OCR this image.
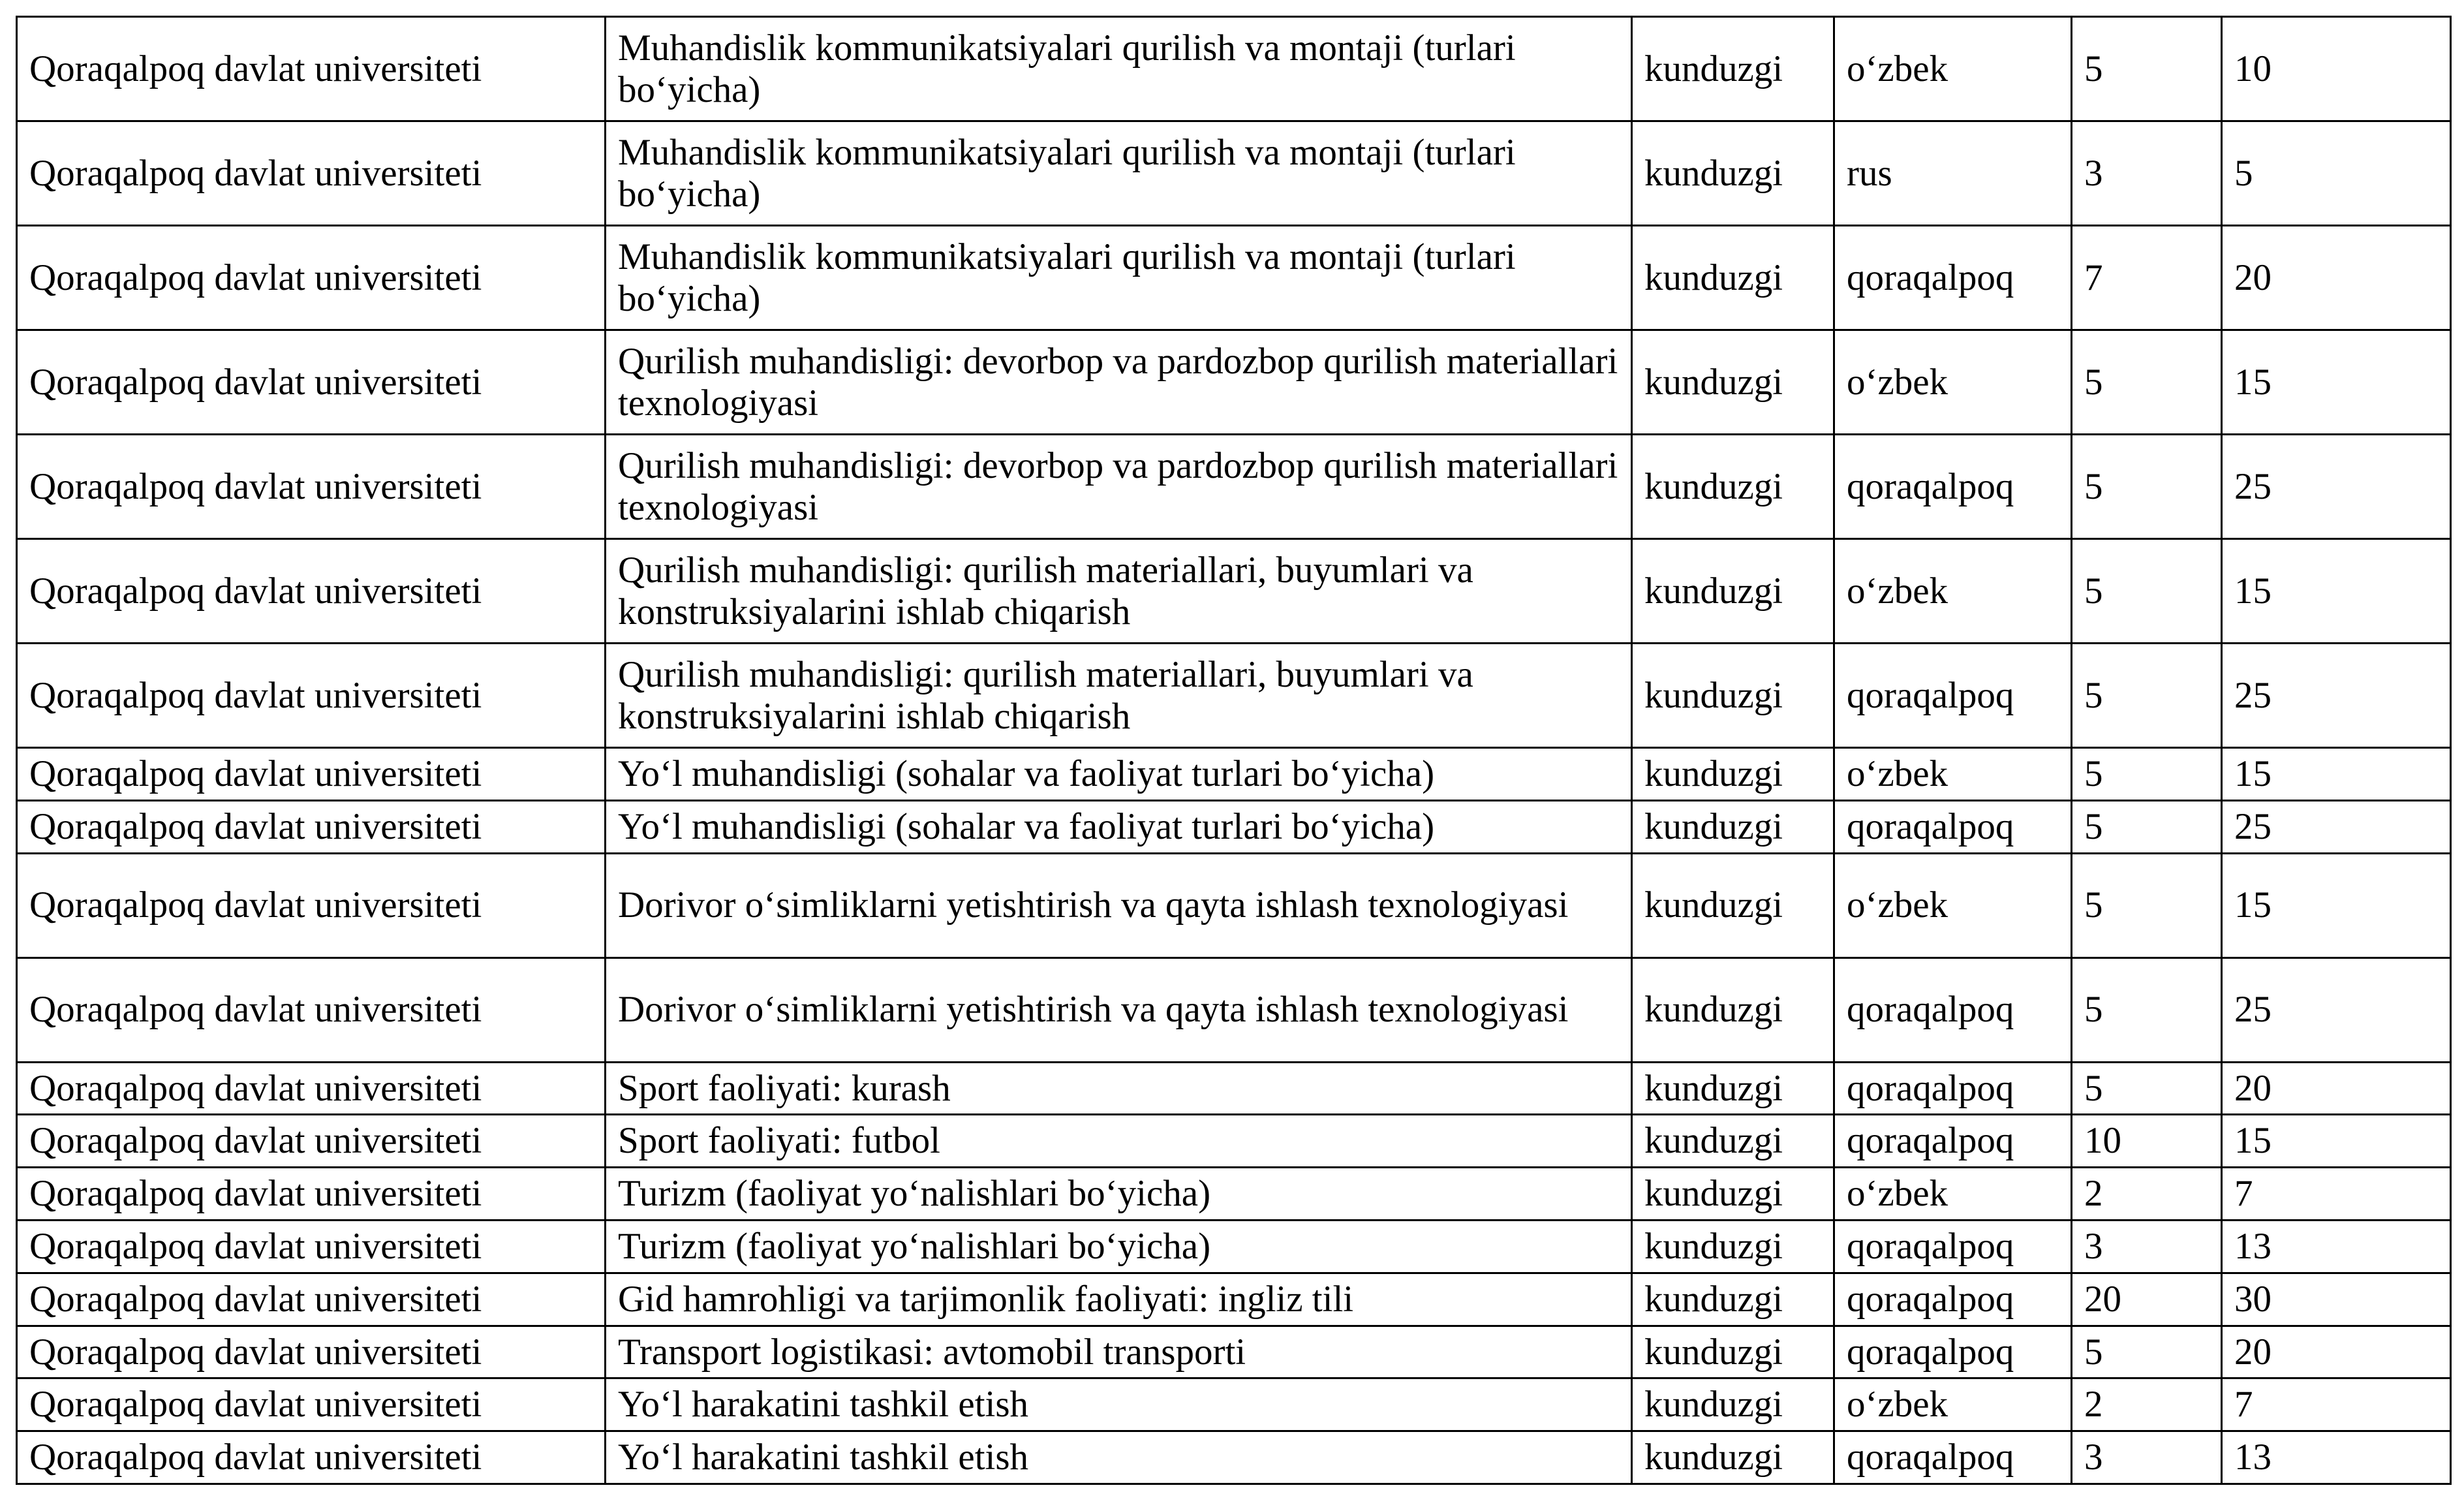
Qoraqalpoq davlat universiteti	Muhandislik kommunikatsiyalari qurilish va montaji (turlari bo‘yicha)	kunduzgi	o‘zbek	5	10
Qoraqalpoq davlat universiteti	Muhandislik kommunikatsiyalari qurilish va montaji (turlari bo‘yicha)	kunduzgi	rus	3	5
Qoraqalpoq davlat universiteti	Muhandislik kommunikatsiyalari qurilish va montaji (turlari bo‘yicha)	kunduzgi	qoraqalpoq	7	20
Qoraqalpoq davlat universiteti	Qurilish muhandisligi: devorbop va pardozbop qurilish materiallari texnologiyasi	kunduzgi	o‘zbek	5	15
Qoraqalpoq davlat universiteti	Qurilish muhandisligi: devorbop va pardozbop qurilish materiallari texnologiyasi	kunduzgi	qoraqalpoq	5	25
Qoraqalpoq davlat universiteti	Qurilish muhandisligi: qurilish materiallari, buyumlari va konstruksiyalarini ishlab chiqarish	kunduzgi	o‘zbek	5	15
Qoraqalpoq davlat universiteti	Qurilish muhandisligi: qurilish materiallari, buyumlari va konstruksiyalarini ishlab chiqarish	kunduzgi	qoraqalpoq	5	25
Qoraqalpoq davlat universiteti	Yo‘l muhandisligi (sohalar va faoliyat turlari bo‘yicha)	kunduzgi	o‘zbek	5	15
Qoraqalpoq davlat universiteti	Yo‘l muhandisligi (sohalar va faoliyat turlari bo‘yicha)	kunduzgi	qoraqalpoq	5	25
Qoraqalpoq davlat universiteti	Dorivor o‘simliklarni yetishtirish va qayta ishlash texnologiyasi	kunduzgi	o‘zbek	5	15
Qoraqalpoq davlat universiteti	Dorivor o‘simliklarni yetishtirish va qayta ishlash texnologiyasi	kunduzgi	qoraqalpoq	5	25
Qoraqalpoq davlat universiteti	Sport faoliyati: kurash	kunduzgi	qoraqalpoq	5	20
Qoraqalpoq davlat universiteti	Sport faoliyati: futbol	kunduzgi	qoraqalpoq	10	15
Qoraqalpoq davlat universiteti	Turizm (faoliyat yo‘nalishlari bo‘yicha)	kunduzgi	o‘zbek	2	7
Qoraqalpoq davlat universiteti	Turizm (faoliyat yo‘nalishlari bo‘yicha)	kunduzgi	qoraqalpoq	3	13
Qoraqalpoq davlat universiteti	Gid hamrohligi va tarjimonlik faoliyati: ingliz tili	kunduzgi	qoraqalpoq	20	30
Qoraqalpoq davlat universiteti	Transport logistikasi: avtomobil transporti	kunduzgi	qoraqalpoq	5	20
Qoraqalpoq davlat universiteti	Yo‘l harakatini tashkil etish	kunduzgi	o‘zbek	2	7
Qoraqalpoq davlat universiteti	Yo‘l harakatini tashkil etish	kunduzgi	qoraqalpoq	3	13
